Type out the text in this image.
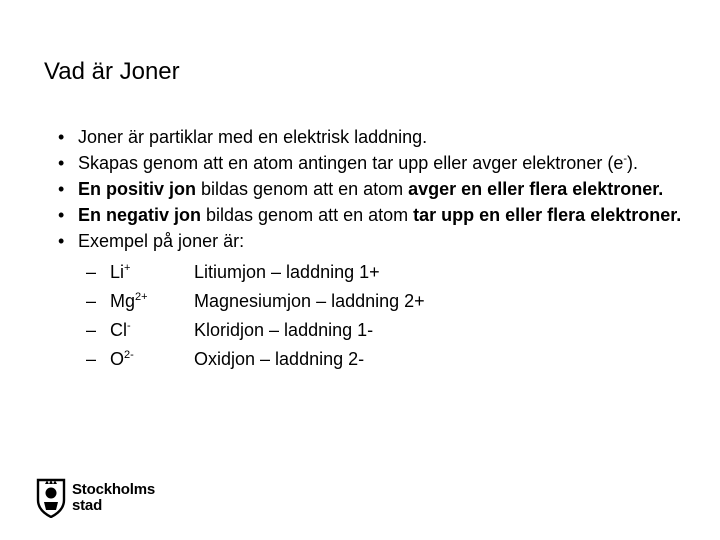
Vad är Joner
• Joner är partiklar med en elektrisk laddning.
• Skapas genom att en atom antingen tar upp eller avger elektroner (e-).
• En positiv jon bildas genom att en atom avger en eller flera elektroner.
• En negativ jon bildas genom att en atom tar upp en eller flera elektroner.
• Exempel på joner är:
– Li+	Litiumjon – laddning 1+
– $Mg^{2+}$	Magnesiumjon – laddning 2+
– Cl-	Kloridjon – laddning 1-
– $O^{2-}$	Oxidjon – laddning 2-
Stockholms
stad
